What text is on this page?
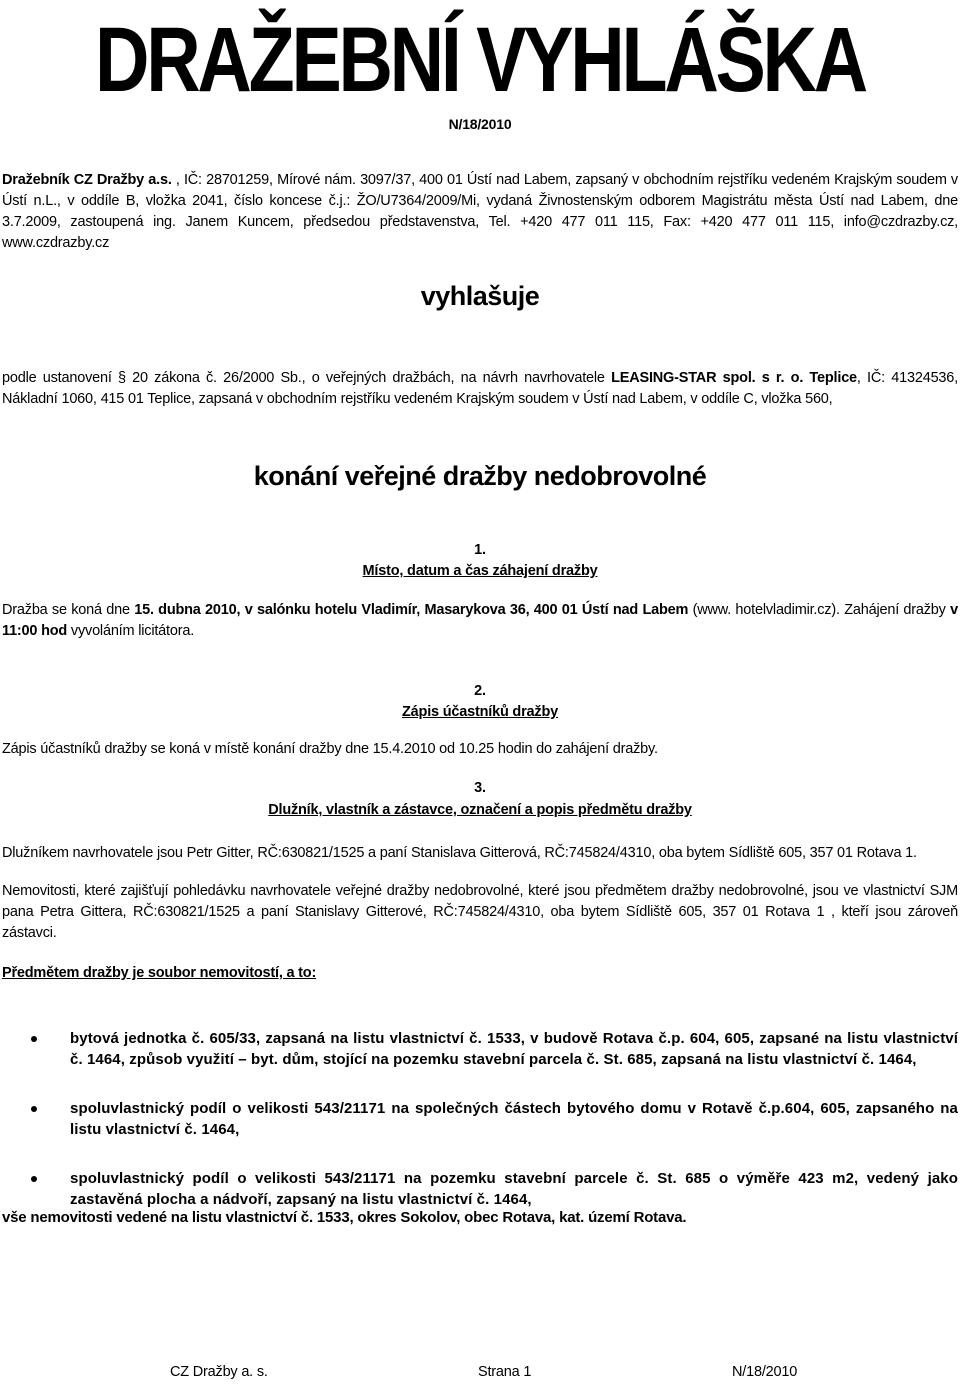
DRAŽEBNÍ VYHLÁŠKA
N/18/2010
Dražebník CZ Dražby a.s. , IČ: 28701259, Mírové nám. 3097/37, 400 01 Ústí nad Labem, zapsaný v obchodním rejstříku vedeném Krajským soudem v Ústí n.L., v oddíle B, vložka 2041, číslo koncese č.j.: ŽO/U7364/2009/Mi, vydaná Živnostenským odborem Magistrátu města Ústí nad Labem, dne 3.7.2009, zastoupená ing. Janem Kuncem, předsedou představenstva, Tel. +420 477 011 115, Fax: +420 477 011 115, info@czdrazby.cz, www.czdrazby.cz
vyhlašuje
podle ustanovení § 20 zákona č. 26/2000 Sb., o veřejných dražbách, na návrh navrhovatele LEASING-STAR spol. s r. o. Teplice, IČ: 41324536, Nákladní 1060, 415 01 Teplice, zapsaná v obchodním rejstříku vedeném Krajským soudem v Ústí nad Labem, v oddíle C, vložka 560,
konání veřejné dražby nedobrovolné
1.
Místo, datum a čas záhajení dražby
Dražba se koná dne 15. dubna 2010, v salónku hotelu Vladimír, Masarykova 36, 400 01 Ústí nad Labem (www. hotelvladimir.cz). Zahájení dražby v 11:00 hod vyvoláním licitátora.
2.
Zápis účastníků dražby
Zápis účastníků dražby se koná v místě konání dražby dne 15.4.2010 od 10.25 hodin do zahájení dražby.
3.
Dlužník, vlastník a zástavce, označení a popis předmětu dražby
Dlužníkem navrhovatele jsou Petr Gitter, RČ:630821/1525 a paní Stanislava Gitterová, RČ:745824/4310, oba bytem Sídliště 605, 357 01 Rotava 1.
Nemovitosti, které zajišťují pohledávku navrhovatele veřejné dražby nedobrovolné, které jsou předmětem dražby nedobrovolné, jsou ve vlastnictví SJM pana Petra Gittera, RČ:630821/1525 a paní Stanislavy Gitterové, RČ:745824/4310, oba bytem Sídliště 605, 357 01 Rotava 1 , kteří jsou zároveň zástavci.
Předmětem dražby je soubor nemovitostí, a to:
bytová jednotka č. 605/33, zapsaná na listu vlastnictví č. 1533, v budově Rotava č.p. 604, 605, zapsané na listu vlastnictví č. 1464, způsob využití – byt. dům, stojící na pozemku stavební parcela č. St. 685, zapsaná na listu vlastnictví č. 1464,
spoluvlastnický podíl o velikosti 543/21171 na společných částech bytového domu v Rotavě č.p.604, 605, zapsaného na listu vlastnictví č. 1464,
spoluvlastnický podíl o velikosti 543/21171 na pozemku stavební parcele č. St. 685 o výměře 423 m2, vedený jako zastavěná plocha a nádvoří, zapsaný na listu vlastnictví č. 1464,
vše nemovitosti vedené na listu vlastnictví č. 1533, okres Sokolov, obec Rotava, kat. území Rotava.
CZ Dražby a. s.	Strana 1	N/18/2010
